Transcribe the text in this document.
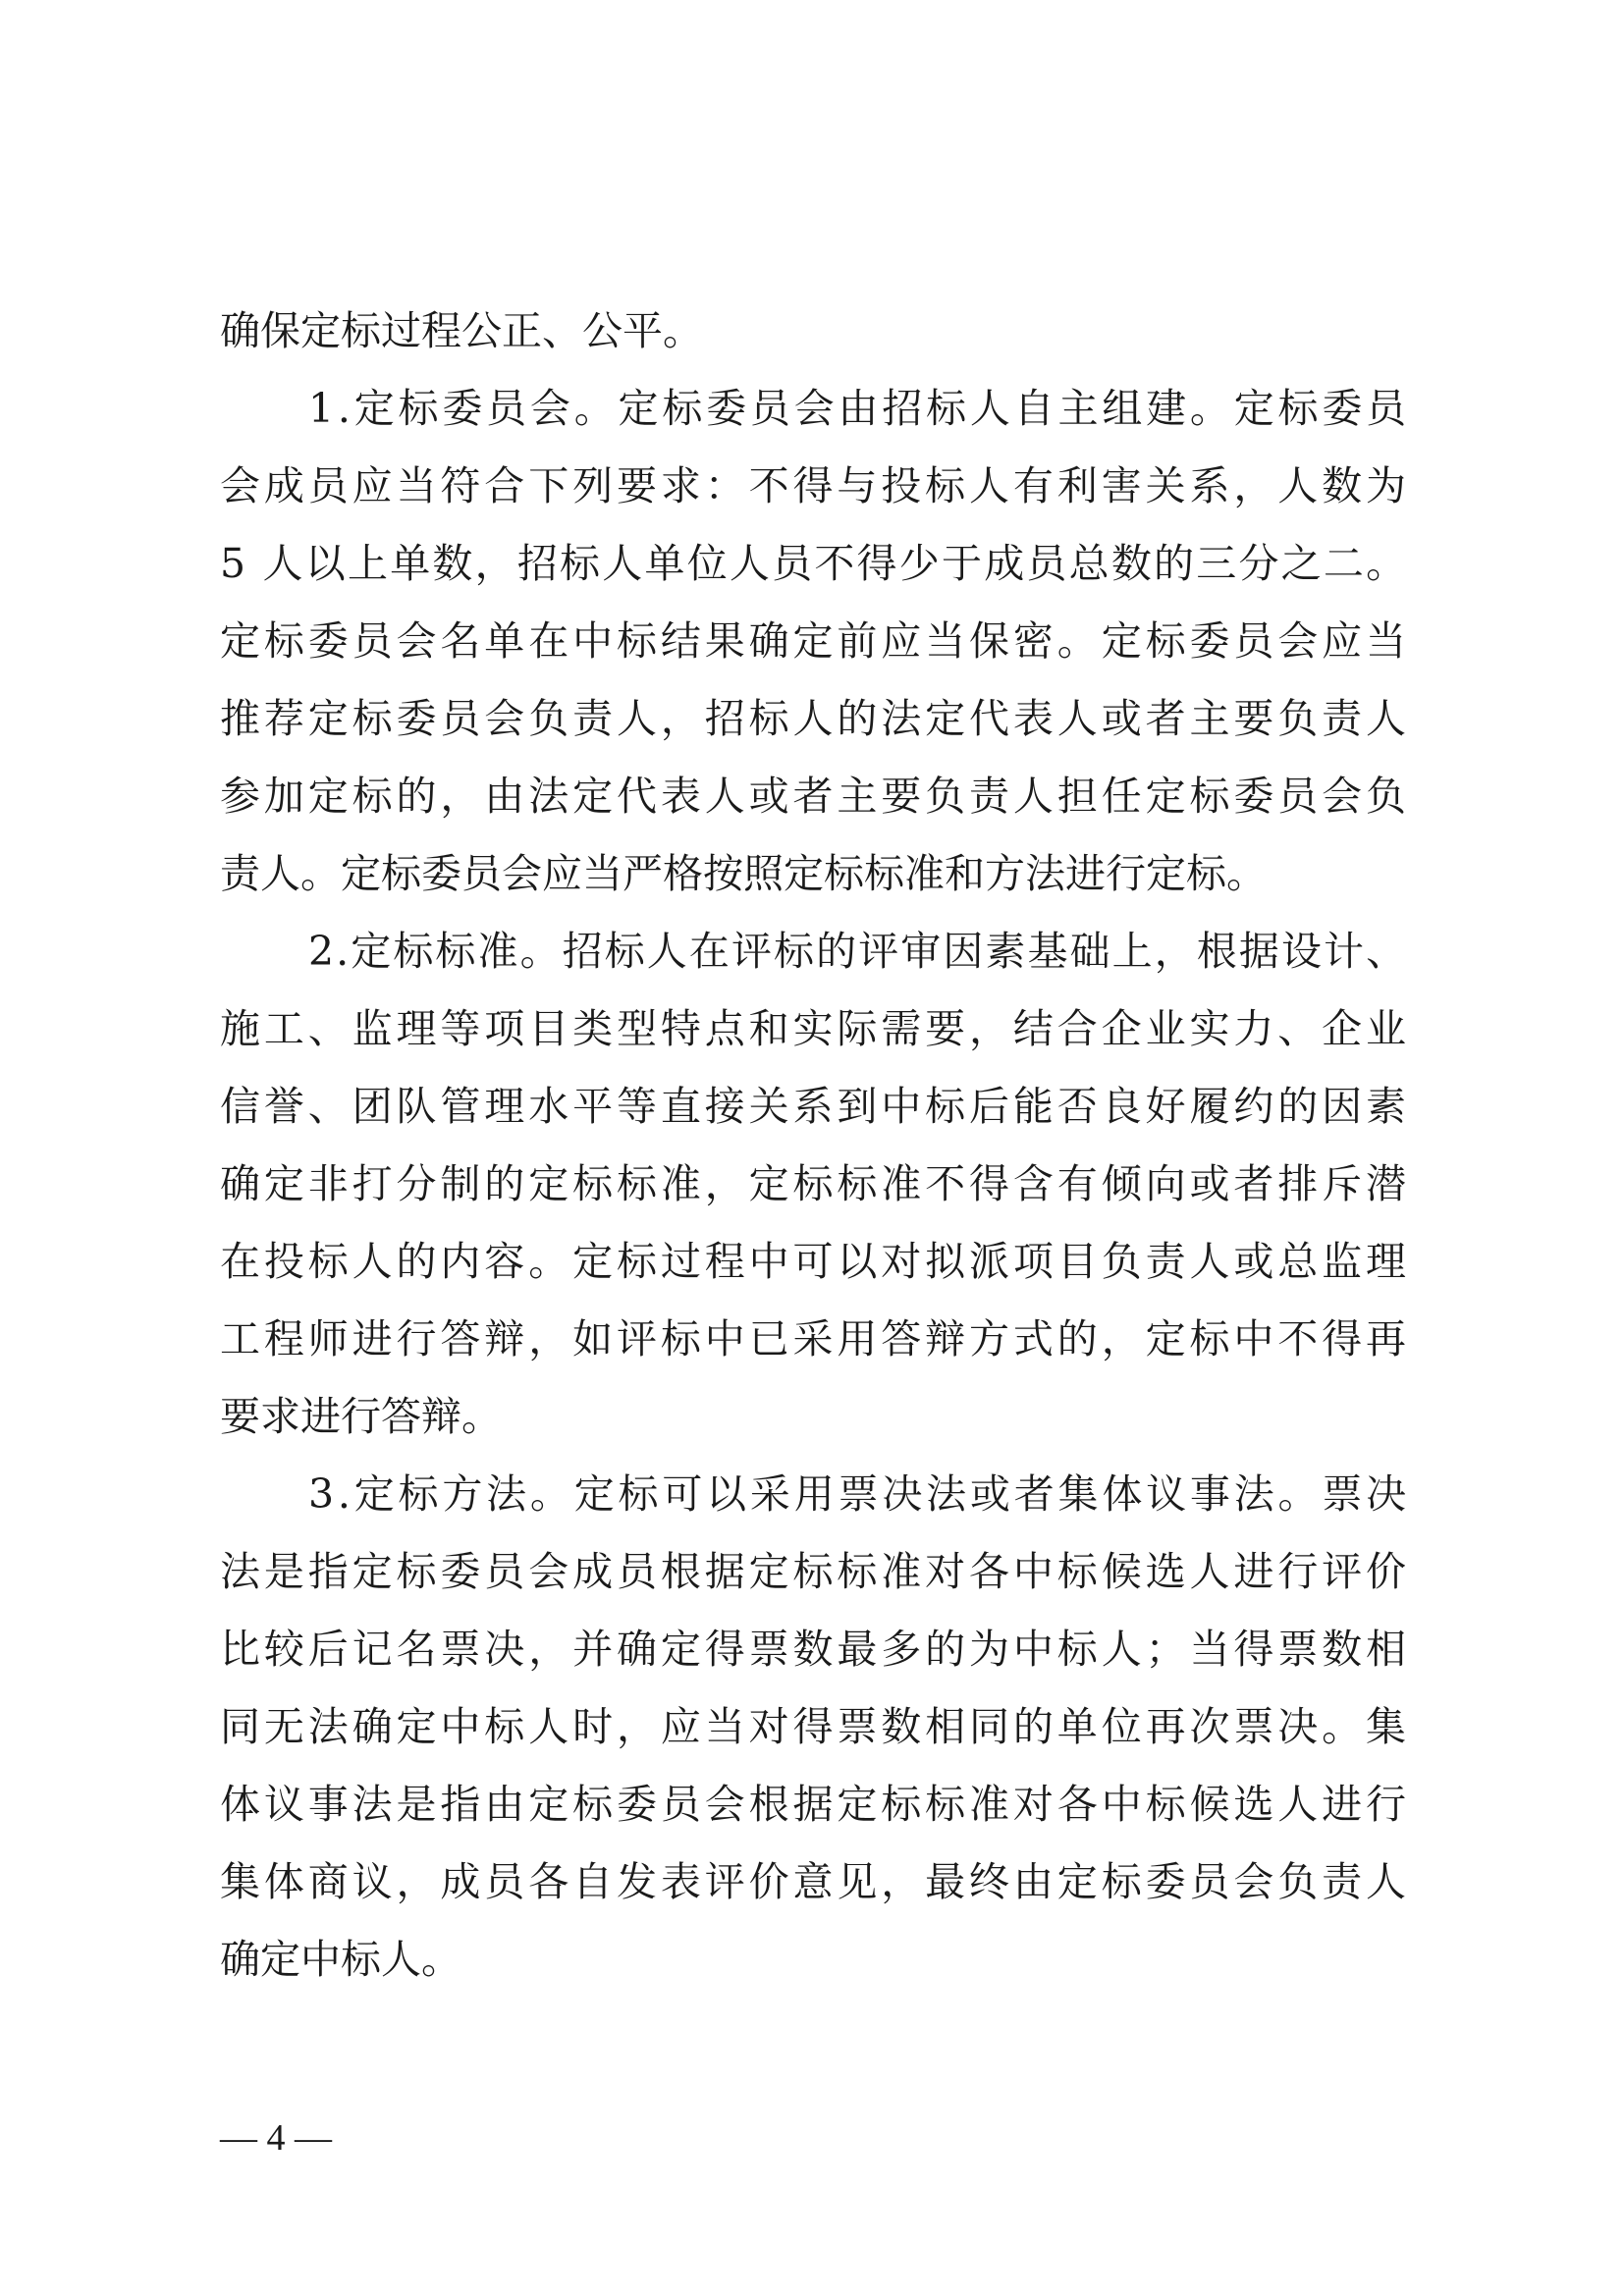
确保定标过程公正、公平。
1.定标委员会。定标委员会由招标人自主组建。定标委员
会成员应当符合下列要求：不得与投标人有利害关系，人数为
5 人以上单数，招标人单位人员不得少于成员总数的三分之二。
定标委员会名单在中标结果确定前应当保密。定标委员会应当
推荐定标委员会负责人，招标人的法定代表人或者主要负责人
参加定标的，由法定代表人或者主要负责人担任定标委员会负
责人。定标委员会应当严格按照定标标准和方法进行定标。
2.定标标准。招标人在评标的评审因素基础上，根据设计、
施工、监理等项目类型特点和实际需要，结合企业实力、企业
信誉、团队管理水平等直接关系到中标后能否良好履约的因素
确定非打分制的定标标准，定标标准不得含有倾向或者排斥潜
在投标人的内容。定标过程中可以对拟派项目负责人或总监理
工程师进行答辩，如评标中已采用答辩方式的，定标中不得再
要求进行答辩。
3.定标方法。定标可以采用票决法或者集体议事法。票决
法是指定标委员会成员根据定标标准对各中标候选人进行评价
比较后记名票决，并确定得票数最多的为中标人；当得票数相
同无法确定中标人时，应当对得票数相同的单位再次票决。集
体议事法是指由定标委员会根据定标标准对各中标候选人进行
集体商议，成员各自发表评价意见，最终由定标委员会负责人
确定中标人。
— 4 —
